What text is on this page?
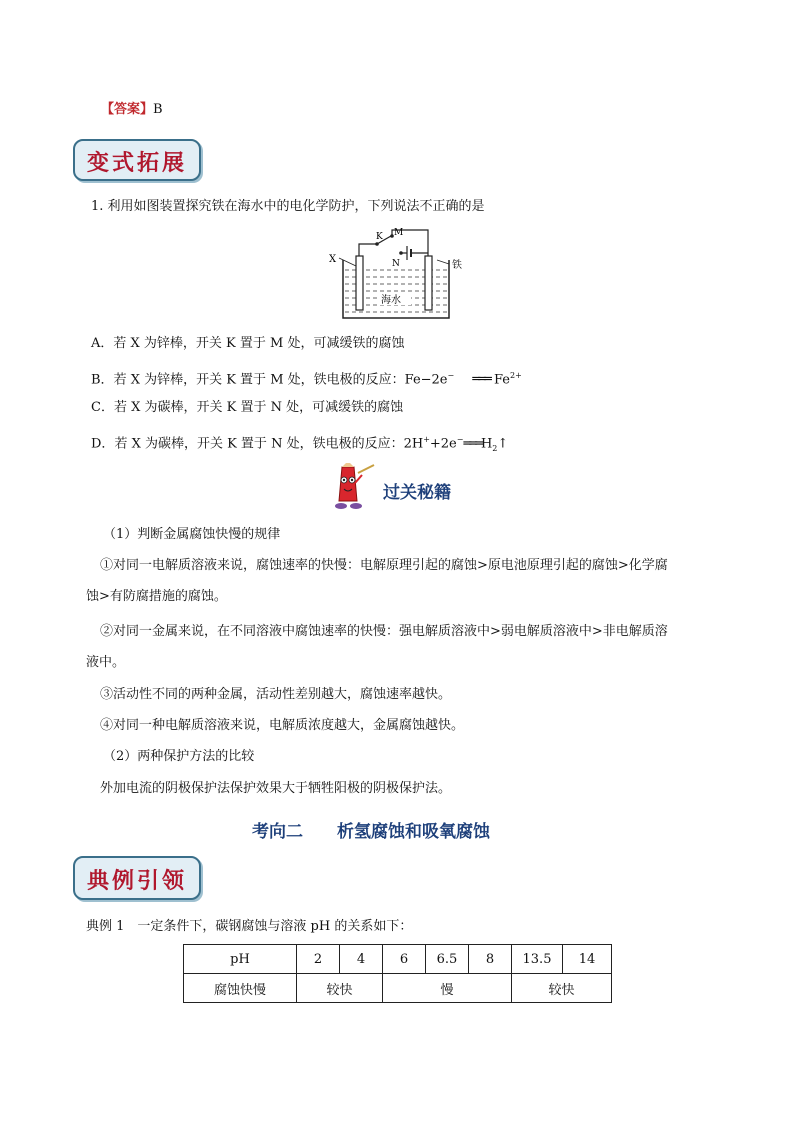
【答案】B
变式拓展
1. 利用如图装置探究铁在海水中的电化学防护，下列说法不正确的是
X
K M
N	铁
海水
A．若 X 为锌棒，开关 K 置于 M 处，可减缓铁的腐蚀
B．若 X 为锌棒，开关 K 置于 M 处，铁电极的反应：Fe−2e− ═══ $Fe^{2+}$
C．若 X 为碳棒，开关 K 置于 N 处，可减缓铁的腐蚀
D．若 X 为碳棒，开关 K 置于 N 处，铁电极的反应：$2H^++2e^-═══H_2↑$
过关秘籍
（1）判断金属腐蚀快慢的规律
①对同一电解质溶液来说，腐蚀速率的快慢：电解原理引起的腐蚀>原电池原理引起的腐蚀>化学腐
蚀>有防腐措施的腐蚀。
②对同一金属来说，在不同溶液中腐蚀速率的快慢：强电解质溶液中>弱电解质溶液中>非电解质溶
液中。
③活动性不同的两种金属，活动性差别越大，腐蚀速率越快。
④对同一种电解质溶液来说，电解质浓度越大，金属腐蚀越快。
（2）两种保护方法的比较
外加电流的阴极保护法保护效果大于牺牲阳极的阴极保护法。
考向二 析氢腐蚀和吸氧腐蚀
典例引领
典例 1　一定条件下，碳钢腐蚀与溶液 pH 的关系如下：
pH	2	4	6	6.5	8	13.5	14
腐蚀快慢	较快		慢			较快	
